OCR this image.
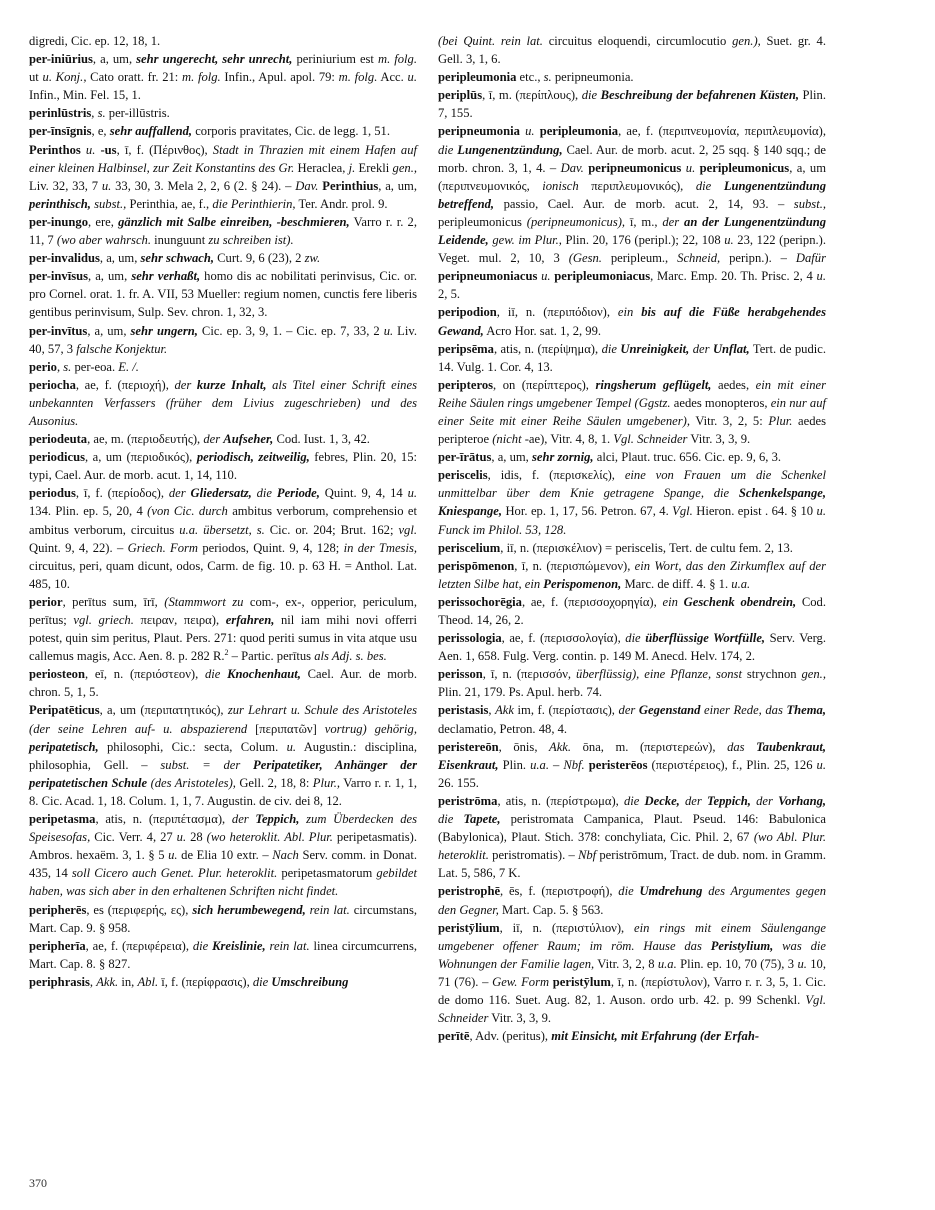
digredi, Cic. ep. 12, 18, 1.

per-iniūrius, a, um, sehr ungerecht, sehr unrecht, periniurium est m. folg. ut u. Konj., Cato oratt. fr. 21: m. folg. Infin., Apul. apol. 79: m. folg. Acc. u. Infin., Min. Fel. 15, 1.

perinlūstris, s. per-illūstris.

per-īnsīgnis, e, sehr auffallend, corporis pravitates, Cic. de legg. 1, 51.

Perinthos u. -us, ī, f. (Πέρινθος), Stadt in Thrazien mit einem Hafen auf einer kleinen Halbinsel, zur Zeit Konstantins des Gr. Heraclea, j. Erekli gen., Liv. 32, 33, 7 u. 33, 30, 3. Mela 2, 2, 6 (2. § 24). – Dav. Perinthius, a, um, perinthisch, subst., Perinthia, ae, f., die Perinthierin, Ter. Andr. prol. 9.

per-inungo, ere, gänzlich mit Salbe einreiben, -beschmieren, Varro r. r. 2, 11, 7 (wo aber wahrsch. inunguunt zu schreiben ist).

per-invalidus, a, um, sehr schwach, Curt. 9, 6 (23), 2 zw.

per-invīsus, a, um, sehr verhaßt, homo dis ac nobilitati perinvisus, Cic. or. pro Cornel. orat. 1. fr. A. VII, 53 Mueller: regium nomen, cunctis fere liberis gentibus perinvisum, Sulp. Sev. chron. 1, 32, 3.

per-invītus, a, um, sehr ungern, Cic. ep. 3, 9, 1. – Cic. ep. 7, 33, 2 u. Liv. 40, 57, 3 falsche Konjektur.

perio, s. per-eoa. E. /.

periocha, ae, f. (περιοχή), der kurze Inhalt, als Titel einer Schrift eines unbekannten Verfassers (früher dem Livius zugeschrieben) und des Ausonius.

periodeuta, ae, m. (περιοδευτής), der Aufseher, Cod. Iust. 1, 3, 42.

periodicus, a, um (περιοδικός), periodisch, zeitweilig, febres, Plin. 20, 15: typi, Cael. Aur. de morb. acut. 1, 14, 110.

periodus, ī, f. (περίοδος), der Gliedersatz, die Periode, Quint. 9, 4, 14 u. 134. Plin. ep. 5, 20, 4 (von Cic. durch ambitus verborum, comprehensio et ambitus verborum, circuitus u.a. übersetzt, s. Cic. or. 204; Brut. 162; vgl. Quint. 9, 4, 22). – Griech. Form periodos, Quint. 9, 4, 128; in der Tmesis, circuitus, peri, quam dicunt, odos, Carm. de fig. 10. p. 63 H. = Anthol. Lat. 485, 10.

perior, perītus sum, īrī, (Stammwort zu com-, ex-, opperior, periculum, perītus; vgl. griech. πειραν, πειρα), erfahren, nil iam mihi novi offerri potest, quin sim peritus, Plaut. Pers. 271: quod periti sumus in vita atque usu callemus magis, Acc. Aen. 8. p. 282 R.$^2$ – Partic. perītus als Adj. s. bes.

periosteon, eī, n. (περιόστεον), die Knochenhaut, Cael. Aur. de morb. chron. 5, 1, 5.

Peripatēticus, a, um (περιπατητικός), zur Lehrart u. Schule des Aristoteles (der seine Lehren auf- u. abspazierend [περιπατῶν] vortrug) gehörig, peripatetisch, philosophi, Cic.: secta, Colum. u. Augustin.: disciplina, philosophia, Gell. – subst. = der Peripatetiker, Anhänger der peripatetischen Schule (des Aristoteles), Gell. 2, 18, 8: Plur., Varro r. r. 1, 1, 8. Cic. Acad. 1, 18. Colum. 1, 1, 7. Augustin. de civ. dei 8, 12.

peripetasma, atis, n. (περιπέτασμα), der Teppich, zum Überdecken des Speisesofas, Cic. Verr. 4, 27 u. 28 (wo heteroklit. Abl. Plur. peripetasmatis). Ambros. hexaëm. 3, 1. § 5 u. de Elia 10 extr. – Nach Serv. comm. in Donat. 435, 14 soll Cicero auch Genet. Plur. heteroklit. peripetasmatorum gebildet haben, was sich aber in den erhaltenen Schriften nicht findet.

peripherēs, es (περιφερής, ες), sich herumbewegend, rein lat. circumstans, Mart. Cap. 9. § 958.

peripherīa, ae, f. (περιφέρεια), die Kreislinie, rein lat. linea circumcurrens, Mart. Cap. 8. § 827.

periphrasis, Akk. in, Abl. ī, f. (περίφρασις), die Umschreibung

(bei Quint. rein lat. circuitus eloquendi, circumlocutio gen.), Suet. gr. 4. Gell. 3, 1, 6.

peripleumonia etc., s. peripneumonia.

periplūs, ī, m. (περίπλους), die Beschreibung der befahrenen Küsten, Plin. 7, 155.

peripneumonia u. peripleumonia, ae, f. (περιπνευμονία, περιπλευμονία), die Lungenentzündung, Cael. Aur. de morb. acut. 2, 25 sqq. § 140 sqq.; de morb. chron. 3, 1, 4. – Dav. peripneumonicus u. peripleumonicus, a, um (περιπνευμονικός, ionisch περιπλευμονικός), die Lungenentzündung betreffend, passio, Cael. Aur. de morb. acut. 2, 14, 93. – subst., peripleumonicus (peripneumonicus), ī, m., der an der Lungenentzündung Leidende, gew. im Plur., Plin. 20, 176 (peripl.); 22, 108 u. 23, 122 (peripn.). Veget. mul. 2, 10, 3 (Gesn. peripleum., Schneid, peripn.). – Dafür peripneumoniacus u. peripleumoniacus, Marc. Emp. 20. Th. Prisc. 2, 4 u. 2, 5.

peripodion, iī, n. (περιπόδιον), ein bis auf die Füße herabgehendes Gewand, Acro Hor. sat. 1, 2, 99.

peripsēma, atis, n. (περίψημα), die Unreinigkeit, der Unflat, Tert. de pudic. 14. Vulg. 1. Cor. 4, 13.

peripteros, on (περίπτερος), ringsherum geflügelt, aedes, ein mit einer Reihe Säulen rings umgebener Tempel (Ggstz. aedes monopteros, ein nur auf einer Seite mit einer Reihe Säulen umgebener), Vitr. 3, 2, 5: Plur. aedes peripteroe (nicht -ae), Vitr. 4, 8, 1. Vgl. Schneider Vitr. 3, 3, 9.

per-īrātus, a, um, sehr zornig, alci, Plaut. truc. 656. Cic. ep. 9, 6, 3.

periscelis, idis, f. (περισκελίς), eine von Frauen um die Schenkel unmittelbar über dem Knie getragene Spange, die Schenkelspange, Kniespange, Hor. ep. 1, 17, 56. Petron. 67, 4. Vgl. Hieron. epist . 64. § 10 u. Funck im Philol. 53, 128.

periscelium, iī, n. (περισκέλιον) = periscelis, Tert. de cultu fem. 2, 13.

perispōmenon, ī, n. (περισπώμενον), ein Wort, das den Zirkumflex auf der letzten Silbe hat, ein Perispomenon, Marc. de diff. 4. § 1. u.a.

perissochorēgia, ae, f. (περισσοχορηγία), ein Geschenk obendrein, Cod. Theod. 14, 26, 2.

perissologia, ae, f. (περισσολογία), die überflüssige Wortfülle, Serv. Verg. Aen. 1, 658. Fulg. Verg. contin. p. 149 M. Anecd. Helv. 174, 2.

perisson, ī, n. (περισσόν, überflüssig), eine Pflanze, sonst strychnon gen., Plin. 21, 179. Ps. Apul. herb. 74.

peristasis, Akk im, f. (περίστασις), der Gegenstand einer Rede, das Thema, declamatio, Petron. 48, 4.

peristereōn, ōnis, Akk. ōna, m. (περιστερεών), das Taubenkraut, Eisenkraut, Plin. u.a. – Nbf. peristerēos (περιστέρειος), f., Plin. 25, 126 u. 26. 155.

peristrōma, atis, n. (περίστρωμα), die Decke, der Teppich, der Vorhang, die Tapete, peristromata Campanica, Plaut. Pseud. 146: Babulonica (Babylonica), Plaut. Stich. 378: conchyliata, Cic. Phil. 2, 67 (wo Abl. Plur. heteroklit. peristromatis). – Nbf peristrōmum, Tract. de dub. nom. in Gramm. Lat. 5, 586, 7 K.

peristrophē, ēs, f. (περιστροφή), die Umdrehung des Argumentes gegen den Gegner, Mart. Cap. 5. § 563.

peristȳlium, iī, n. (περιστύλιον), ein rings mit einem Säulengange umgebener offener Raum; im röm. Hause das Peristylium, was die Wohnungen der Familie lagen, Vitr. 3, 2, 8 u.a. Plin. ep. 10, 70 (75), 3 u. 10, 71 (76). – Gew. Form peristȳlum, ī, n. (περίστυλον), Varro r. r. 3, 5, 1. Cic. de domo 116. Suet. Aug. 82, 1. Auson. ordo urb. 42. p. 99 Schenkl. Vgl. Schneider Vitr. 3, 3, 9.

perītē, Adv. (peritus), mit Einsicht, mit Erfahrung (der Erfah-

370
